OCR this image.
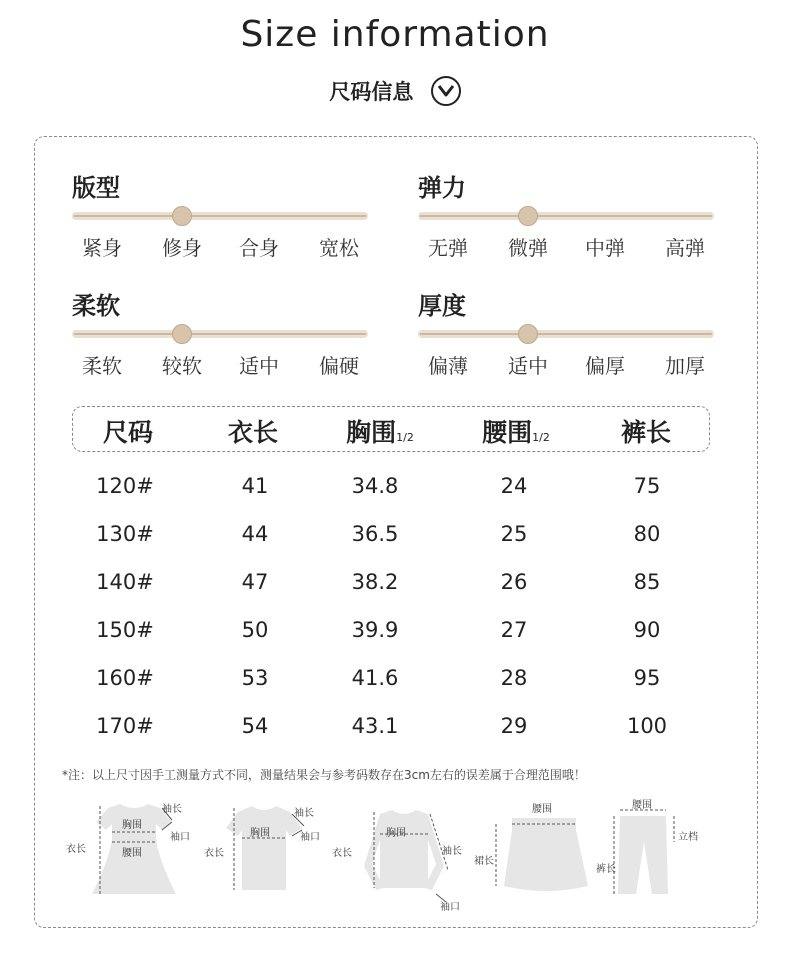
Size information
尺码信息
版型
紧身	修身	合身	宽松
弹力
无弹	微弹	中弹	高弹
柔软
柔软	较软	适中	偏硬
厚度
偏薄	适中	偏厚	加厚
尺码	衣长	胸围1/2	腰围1/2	裤长
120#	41	34.8	24	75
130#	44	36.5	25	80
140#	47	38.2	26	85
150#	50	39.9	27	90
160#	53	41.6	28	95
170#	54	43.1	29	100
*注：以上尺寸因手工测量方式不同，测量结果会与参考码数存在3cm左右的误差属于合理范围哦！
胸围
腰围
袖长
袖口
衣长
胸围
袖长
袖口
衣长
胸围
衣长	袖长
袖口
腰围
裙长
腰围
立档
裤长
